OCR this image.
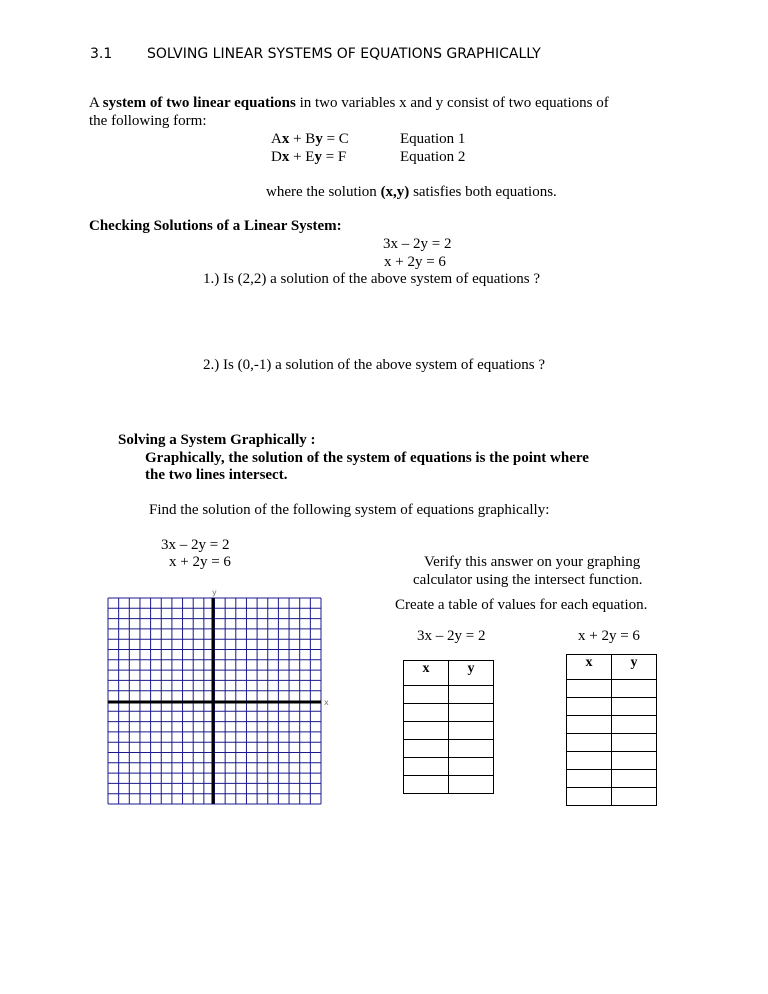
3.1 SOLVING LINEAR SYSTEMS OF EQUATIONS GRAPHICALLY
A system of two linear equations in two variables x and y consist of two equations of
the following form:
Ax + By = C	Equation 1
Dx + Ey = F	Equation 2
where the solution (x,y) satisfies both equations.
Checking Solutions of a Linear System:
3x – 2y = 2
x + 2y = 6
1.) Is (2,2) a solution of the above system of equations ?
2.) Is (0,-1) a solution of the above system of equations ?
Solving a System Graphically :
Graphically, the solution of the system of equations is the point where
the two lines intersect.
Find the solution of the following system of equations graphically:
3x – 2y = 2
x + 2y = 6	Verify this answer on your graphing
calculator using the intersect function.
Create a table of values for each equation.
y
x
3x – 2y = 2
x	y

x + 2y = 6
x	y
